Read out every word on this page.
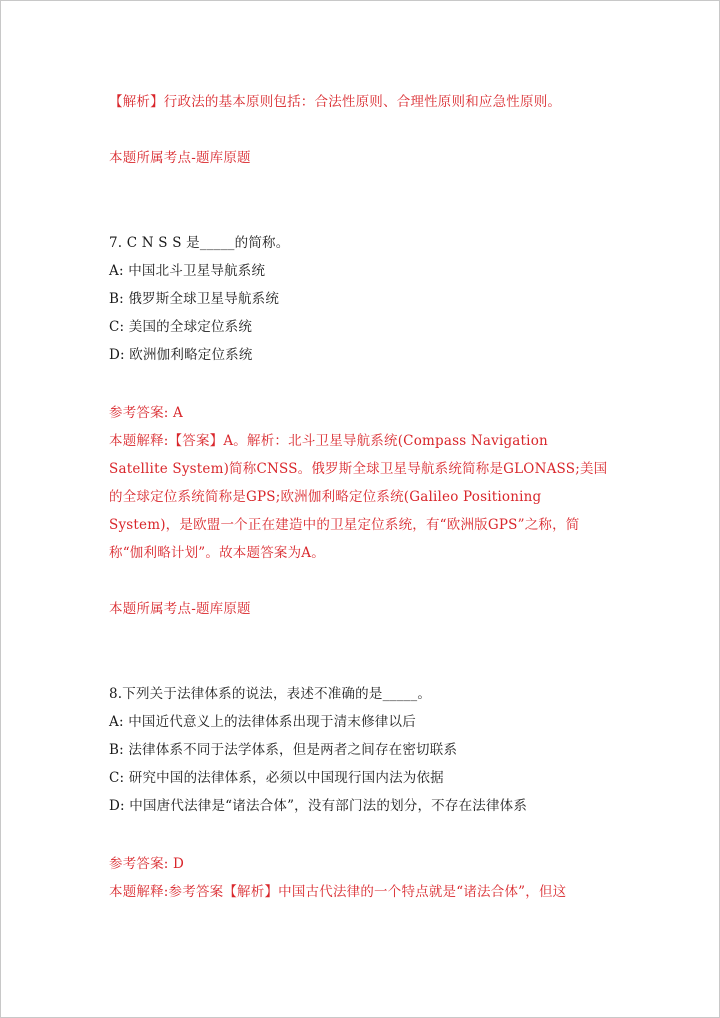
【解析】行政法的基本原则包括：合法性原则、合理性原则和应急性原则。
本题所属考点-题库原题
7. C N S S 是_____的简称。
A: 中国北斗卫星导航系统
B: 俄罗斯全球卫星导航系统
C: 美国的全球定位系统
D: 欧洲伽利略定位系统
参考答案: A
本题解释:【答案】A。解析：北斗卫星导航系统(Compass Navigation
Satellite System)简称CNSS。俄罗斯全球卫星导航系统简称是GLONASS;美国
的全球定位系统简称是GPS;欧洲伽利略定位系统(Galileo Positioning
System)，是欧盟一个正在建造中的卫星定位系统，有“欧洲版GPS”之称，简
称“伽利略计划”。故本题答案为A。
本题所属考点-题库原题
8.下列关于法律体系的说法，表述不准确的是_____。
A: 中国近代意义上的法律体系出现于清末修律以后
B: 法律体系不同于法学体系，但是两者之间存在密切联系
C: 研究中国的法律体系，必须以中国现行国内法为依据
D: 中国唐代法律是“诸法合体”，没有部门法的划分，不存在法律体系
参考答案: D
本题解释:参考答案【解析】中国古代法律的一个特点就是“诸法合体”，但这
